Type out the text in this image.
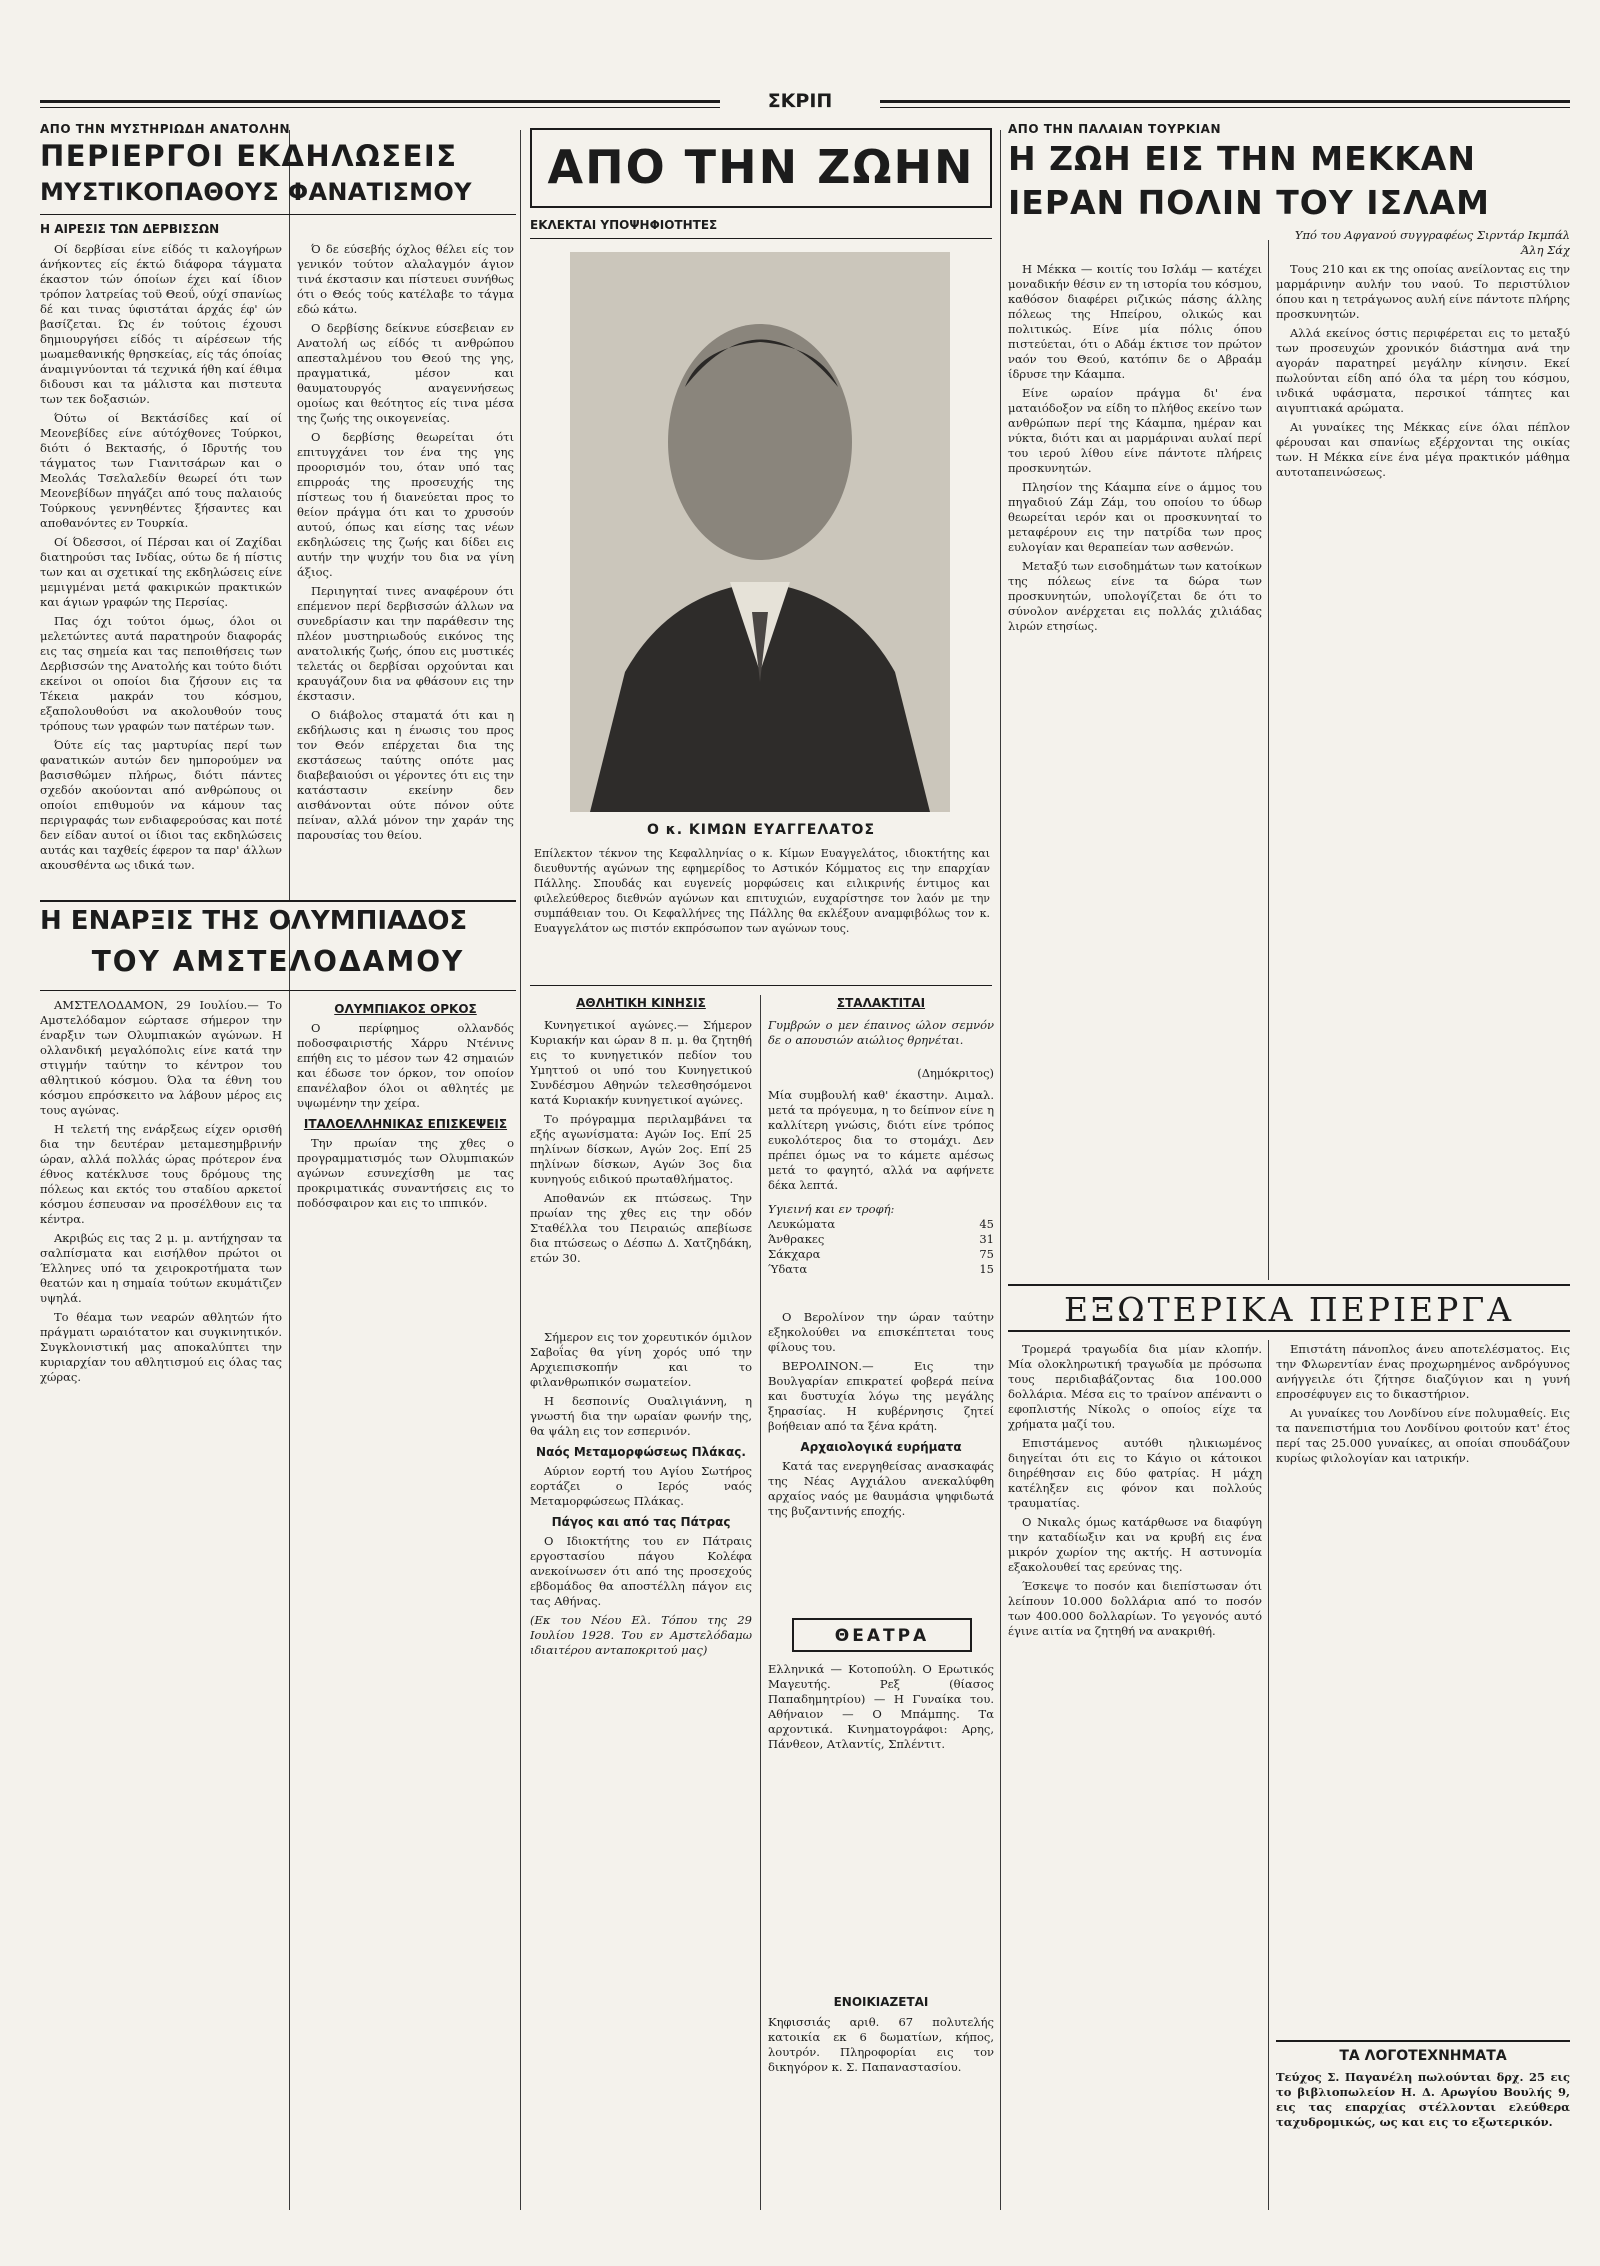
ΣΚΡΙΠ
ΑΠΟ ΤΗΝ ΜΥΣΤΗΡΙΩΔΗ ΑΝΑΤΟΛΗΝ
ΠΕΡΙΕΡΓΟΙ ΕΚΔΗΛΩΣΕΙΣ
ΜΥΣΤΙΚΟΠΑΘΟΥΣ ΦΑΝΑΤΙΣΜΟΥ
Η ΑΙΡΕΣΙΣ ΤΩΝ ΔΕΡΒΙΣΣΩΝ

Οί δερβίσαι είνε είδός τι καλογήρων άνήκοντες είς έκτώ διάφορα τάγματα έκαστον τών όποίων έχει καί ίδιον τρόπον λατρείας τοϋ Θεοΰ, ούχί σπανίως δέ και τινας ύφιστάται άρχάς έφ' ών βασίζεται. Ώς έν τούτοις έχουσι δημιουργήσει είδός τι αίρέσεων τής μωαμεθανικής θρησκείας, είς τάς όποίας άναμιγνύονται τά τεχνικά ήθη καί έθιμα διδουσι και τα μάλιστα και πιστευτα των τεκ δοξασιών.

Όύτω οί Βεκτάσίδες καί οί Μεονεβίδες είνε αύτόχθονες Τούρκοι, διότι ό Βεκτασής, ό Ιδρυτής του τάγματος των Γιανιτσάρων και ο Μεολάς Τσελαλεδίν θεωρεί ότι των Μεονεβίδων πηγάζει από τους παλαιούς Τούρκους γεννηθέντες ξήσαντες και αποθανόντες εν Τουρκία.

Οί Όδεσσοι, οί Πέρσαι και οί Ζαχίδαι διατηρούσι τας Ινδίας, ούτω δε ή πίστις των και αι σχετικαί της εκδηλώσεις είνε μεμιγμέναι μετά φακιρικών πρακτικών και άγιων γραφών της Περσίας.

Πας όχι τούτοι όμως, όλοι οι μελετώντες αυτά παρατηρούν διαφοράς εις τας σημεία και τας πεποιθήσεις των Δερβισσών της Ανατολής και τούτο διότι εκείνοι οι οποίοι δια ζήσουν εις τα Τέκεια μακράν του κόσμου, εξαπολουθούσι να ακολουθούν τους τρόπους των γραφών των πατέρων των.

Όύτε είς τας μαρτυρίας περί των φανατικών αυτών δεν ημπορούμεν να βασισθώμεν πλήρως, διότι πάντες σχεδόν ακούονται από ανθρώπους οι οποίοι επιθυμούν να κάμουν τας περιγραφάς των ενδιαφερούσας και ποτέ δεν είδαν αυτοί οι ίδιοι τας εκδηλώσεις αυτάς και ταχθείς έφερον τα παρ' άλλων ακουσθέντα ως ιδικά των.

Ό δε εύσεβής όχλος θέλει είς τον γενικόν τούτον αλαλαγμόν άγιον τινά έκστασιν και πίστευει συνήθως ότι ο Θεός τούς κατέλαβε το τάγμα εδώ κάτω.

Ο δερβίσης δείκνυε εύσεβειαν εν Ανατολή ως είδός τι ανθρώπου απεσταλμένου του Θεού της γης, πραγματικά, μέσον και θαυματουργός αναγεννήσεως ομοίως και θεότητος είς τινα μέσα της ζωής της οικογενείας.

Ο δερβίσης θεωρείται ότι επιτυγχάνει τον ένα της γης προορισμόν του, όταν υπό τας επιρροάς της προσευχής της πίστεως του ή διανεύεται προς το θείον πράγμα ότι και το χρυσούν αυτού, όπως και είσης τας νέων εκδηλώσεις της ζωής και δίδει εις αυτήν την ψυχήν του δια να γίνη άξιος.

Περιηγηταί τινες αναφέρουν ότι επέμενον περί δερβισσών άλλων να συνεδρίασιν και την παράθεσιν της πλέον μυστηριωδούς εικόνος της ανατολικής ζωής, όπου εις μυστικές τελετάς οι δερβίσαι ορχούνται και κραυγάζουν δια να φθάσουν εις την έκστασιν.

Ο διάβολος σταματά ότι και η εκδήλωσις και η ένωσις του προς τον Θεόν επέρχεται δια της εκστάσεως ταύτης οπότε μας διαβεβαιούσι οι γέροντες ότι εις την κατάστασιν εκείνην δεν αισθάνονται ούτε πόνον ούτε πείναν, αλλά μόνον την χαράν της παρουσίας του θείου.

Η ΕΝΑΡΞΙΣ ΤΗΣ ΟΛΥΜΠΙΑΔΟΣ
ΤΟΥ ΑΜΣΤΕΛΟΔΑΜΟΥ

ΑΜΣΤΕΛΟΔΑΜΟΝ, 29 Ιουλίου.— Το Αμστελόδαμον εώρτασε σήμερον την έναρξιν των Ολυμπιακών αγώνων. Η ολλανδική μεγαλόπολις είνε κατά την στιγμήν ταύτην το κέντρον του αθλητικού κόσμου. Όλα τα έθνη του κόσμου επρόσκειτο να λάβουν μέρος εις τους αγώνας.

Η τελετή της ενάρξεως είχεν ορισθή δια την δευτέραν μεταμεσημβρινήν ώραν, αλλά πολλάς ώρας πρότερον ένα έθνος κατέκλυσε τους δρόμους της πόλεως και εκτός του σταδίου αρκετοί κόσμου έσπευσαν να προσέλθουν εις τα κέντρα.

Ακριβώς εις τας 2 μ. μ. αντήχησαν τα σαλπίσματα και εισήλθον πρώτοι οι Έλληνες υπό τα χειροκροτήματα των θεατών και η σημαία τούτων εκυμάτιζεν υψηλά.

Το θέαμα των νεαρών αθλητών ήτο πράγματι ωραιότατον και συγκινητικόν. Συγκλονιστική μας αποκαλύπτει την κυριαρχίαν του αθλητισμού εις όλας τας χώρας.

ΟΛΥΜΠΙΑΚΟΣ ΟΡΚΟΣ

Ο περίφημος ολλανδός ποδοσφαιριστής Χάρρυ Ντένινς επήθη εις το μέσον των 42 σημαιών και έδωσε τον όρκον, τον οποίον επανέλαβον όλοι οι αθλητές με υψωμένην την χείρα.

ΙΤΑΛΟΕΛΛΗΝΙΚΑΣ ΕΠΙΣΚΕΨΕΙΣ

Την πρωίαν της χθες ο προγραμματισμός των Ολυμπιακών αγώνων εσυνεχίσθη με τας προκριματικάς συναντήσεις εις το ποδόσφαιρον και εις το ιππικόν.

ΑΠΟ ΤΗΝ ΖΩΗΝ
ΕΚΛΕΚΤΑΙ ΥΠΟΨΗΦΙΟΤΗΤΕΣ
Ο κ. ΚΙΜΩΝ ΕΥΑΓΓΕΛΑΤΟΣ
Επίλεκτον τέκνον της Κεφαλληνίας ο κ. Κίμων Ευαγγελάτος, ιδιοκτήτης και διευθυντής αγώνων της εφημερίδος το Αστικόν Κόμματος εις την επαρχίαν Πάλλης. Σπουδάς και ευγενείς μορφώσεις και ειλικρινής έντιμος και φιλελεύθερος διεθνών αγώνων και επιτυχιών, ευχαρίστησε τον λαόν με την συμπάθειαν του. Οι Κεφαλλήνες της Πάλλης θα εκλέξουν αναμφιβόλως τον κ. Ευαγγελάτον ως πιστόν εκπρόσωπον των αγώνων τους.
ΑΘΛΗΤΙΚΗ ΚΙΝΗΣΙΣ

Κυνηγετικοί αγώνες.— Σήμερον Κυριακήν και ώραν 8 π. μ. θα ζητηθή εις το κυνηγετικόν πεδίον του Υμηττού οι υπό του Κυνηγετικού Συνδέσμου Αθηνών τελεσθησόμενοι κατά Κυριακήν κυνηγετικοί αγώνες.

Το πρόγραμμα περιλαμβάνει τα εξής αγωνίσματα: Αγών Ιος. Επί 25 πηλίνων δίσκων, Αγών 2ος. Επί 25 πηλίνων δίσκων, Αγών 3ος δια κυνηγούς ειδικού πρωταθλήματος.

Αποθανών εκ πτώσεως. Την πρωίαν της χθες εις την οδόν Σταθέλλα του Πειραιώς απεβίωσε δια πτώσεως ο Δέσπω Δ. Χατζηδάκη, ετών 30.

Σήμερον εις τον χορευτικόν όμιλον Σαβοΐας θα γίνη χορός υπό την Αρχιεπισκοπήν και το φιλανθρωπικόν σωματείον.

Η δεσποινίς Ουαλιγιάννη, η γνωστή δια την ωραίαν φωνήν της, θα ψάλη εις τον εσπερινόν.

Ναός Μεταμορφώσεως Πλάκας.

Αύριον εορτή του Αγίου Σωτήρος εορτάζει ο Ιερός ναός Μεταμορφώσεως Πλάκας.

Πάγος και από τας Πάτρας

Ο Ιδιοκτήτης του εν Πάτραις εργοστασίου πάγου Κολέφα ανεκοίνωσεν ότι από της προσεχούς εβδομάδος θα αποστέλλη πάγον εις τας Αθήνας.

(Εκ του Νέου Ελ. Τόπου της 29 Ιουλίου 1928. Του εν Αμστελόδαμω ιδιαιτέρου ανταποκριτού μας)

ΣΤΑΛΑΚΤΙΤΑΙ
Γυμβρών ο μεν έπαινος ώλον σεμνόν δε ο απουσιών αιώλιος θρηνέται.
(Δημόκριτος)
Μία συμβουλή καθ' έκαστην. Αιμαλ. μετά τα πρόγευμα, η το δείπνον είνε η καλλίτερη γνώσις, διότι είνε τρόπος ευκολότερος δια το στομάχι. Δεν πρέπει όμως να το κάμετε αμέσως μετά το φαγητό, αλλά να αφήνετε δέκα λεπτά.
Υγιεινή και εν τροφή:
Λευκώματα	45
Άνθρακες	31
Σάκχαρα	75
Ύδατα	15

Ο Βερολίνον την ώραν ταύτην εξηκολούθει να επισκέπτεται τους φίλους του.

ΒΕΡΟΛΙΝΟΝ.— Εις την Βουλγαρίαν επικρατεί φοβερά πείνα και δυστυχία λόγω της μεγάλης ξηρασίας. Η κυβέρνησις ζητεί βοήθειαν από τα ξένα κράτη.

Αρχαιολογικά ευρήματα

Κατά τας ενεργηθείσας ανασκαφάς της Νέας Αγχιάλου ανεκαλύφθη αρχαίος ναός με θαυμάσια ψηφιδωτά της βυζαντινής εποχής.

ΘΕΑΤΡΑ
Ελληνικά — Κοτοπούλη. Ο Ερωτικός Μαγευτής. Ρεξ (θίασος Παπαδημητρίου) — Η Γυναίκα του. Αθήναιον — Ο Μπάμπης. Τα αρχοντικά. Κινηματογράφοι: Αρης, Πάνθεον, Ατλαντίς, Σπλέντιτ.
ΕΝΟΙΚΙΑΖΕΤΑΙ
Κηφισσιάς αριθ. 67 πολυτελής κατοικία εκ 6 δωματίων, κήπος, λουτρόν. Πληροφορίαι εις τον δικηγόρον κ. Σ. Παπαναστασίου.
ΑΠΟ ΤΗΝ ΠΑΛΑΙΑΝ ΤΟΥΡΚΙΑΝ
Η ΖΩΗ ΕΙΣ ΤΗΝ ΜΕΚΚΑΝ
ΙΕΡΑΝ ΠΟΛΙΝ ΤΟΥ ΙΣΛΑΜ
Υπό του Αφγανού συγγραφέως Σιρντάρ Ικμπάλ Άλη Σάχ

Η Μέκκα — κοιτίς του Ισλάμ — κατέχει μοναδικήν θέσιν εν τη ιστορία του κόσμου, καθόσον διαφέρει ριζικώς πάσης άλλης πόλεως της Ηπείρου, ολικώς και πολιτικώς. Είνε μία πόλις όπου πιστεύεται, ότι ο Αδάμ έκτισε τον πρώτον ναόν του Θεού, κατόπιν δε ο Αβραάμ ίδρυσε την Κάαμπα.

Είνε ωραίον πράγμα δι' ένα ματαιόδοξον να είδη το πλήθος εκείνο των ανθρώπων περί της Κάαμπα, ημέραν και νύκτα, διότι και αι μαρμάριναι αυλαί περί του ιερού λίθου είνε πάντοτε πλήρεις προσκυνητών.

Πλησίον της Κάαμπα είνε ο άμμος του πηγαδιού Ζάμ Ζάμ, του οποίου το ύδωρ θεωρείται ιερόν και οι προσκυνηταί το μεταφέρουν εις την πατρίδα των προς ευλογίαν και θεραπείαν των ασθενών.

Μεταξύ των εισοδημάτων των κατοίκων της πόλεως είνε τα δώρα των προσκυνητών, υπολογίζεται δε ότι το σύνολον ανέρχεται εις πολλάς χιλιάδας λιρών ετησίως.

Τους 210 και εκ της οποίας ανείλοντας εις την μαρμάρινην αυλήν του ναού. Το περιστύλιον όπου και η τετράγωνος αυλή είνε πάντοτε πλήρης προσκυνητών.

Αλλά εκείνος όστις περιφέρεται εις το μεταξύ των προσευχών χρονικόν διάστημα ανά την αγοράν παρατηρεί μεγάλην κίνησιν. Εκεί πωλούνται είδη από όλα τα μέρη του κόσμου, ινδικά υφάσματα, περσικοί τάπητες και αιγυπτιακά αρώματα.

Αι γυναίκες της Μέκκας είνε όλαι πέπλον φέρουσαι και σπανίως εξέρχονται της οικίας των. Η Μέκκα είνε ένα μέγα πρακτικόν μάθημα αυτοταπεινώσεως.

ΕΞΩΤΕΡΙΚΑ ΠΕΡΙΕΡΓΑ

Τρομερά τραγωδία δια μίαν κλοπήν. Μία ολοκληρωτική τραγωδία με πρόσωπα τους περιδιαβάζοντας δια 100.000 δολλάρια. Μέσα εις το τραίνον απέναντι ο εφοπλιστής Νίκολς ο οποίος είχε τα χρήματα μαζί του.

Επιστάμενος αυτόθι ηλικιωμένος διηγείται ότι εις το Κάγιο οι κάτοικοι διηρέθησαν εις δύο φατρίας. Η μάχη κατέληξεν εις φόνον και πολλούς τραυματίας.

Ο Νικαλς όμως κατάρθωσε να διαφύγη την καταδίωξιν και να κρυβή εις ένα μικρόν χωρίον της ακτής. Η αστυνομία εξακολουθεί τας ερεύνας της.

Έσκεψε το ποσόν και διεπίστωσαν ότι λείπουν 10.000 δολλάρια από το ποσόν των 400.000 δολλαρίων. Το γεγονός αυτό έγινε αιτία να ζητηθή να ανακριθή.

Επιστάτη πάνοπλος άνευ αποτελέσματος. Εις την Φλωρεντίαν ένας προχωρημένος ανδρόγυνος ανήγγειλε ότι ζήτησε διαζύγιον και η γυνή επροσέφυγεν εις το δικαστήριον.

Αι γυναίκες του Λονδίνου είνε πολυμαθείς. Εις τα πανεπιστήμια του Λονδίνου φοιτούν κατ' έτος περί τας 25.000 γυναίκες, αι οποίαι σπουδάζουν κυρίως φιλολογίαν και ιατρικήν.

ΤΑ ΛΟΓΟΤΕΧΝΗΜΑΤΑ
Τεύχος Σ. Παγανέλη πωλούνται δρχ. 25 εις το βιβλιοπωλείον Η. Δ. Αρωγίου Βουλής 9, εις τας επαρχίας στέλλονται ελεύθερα ταχυδρομικώς, ως και εις το εξωτερικόν.
